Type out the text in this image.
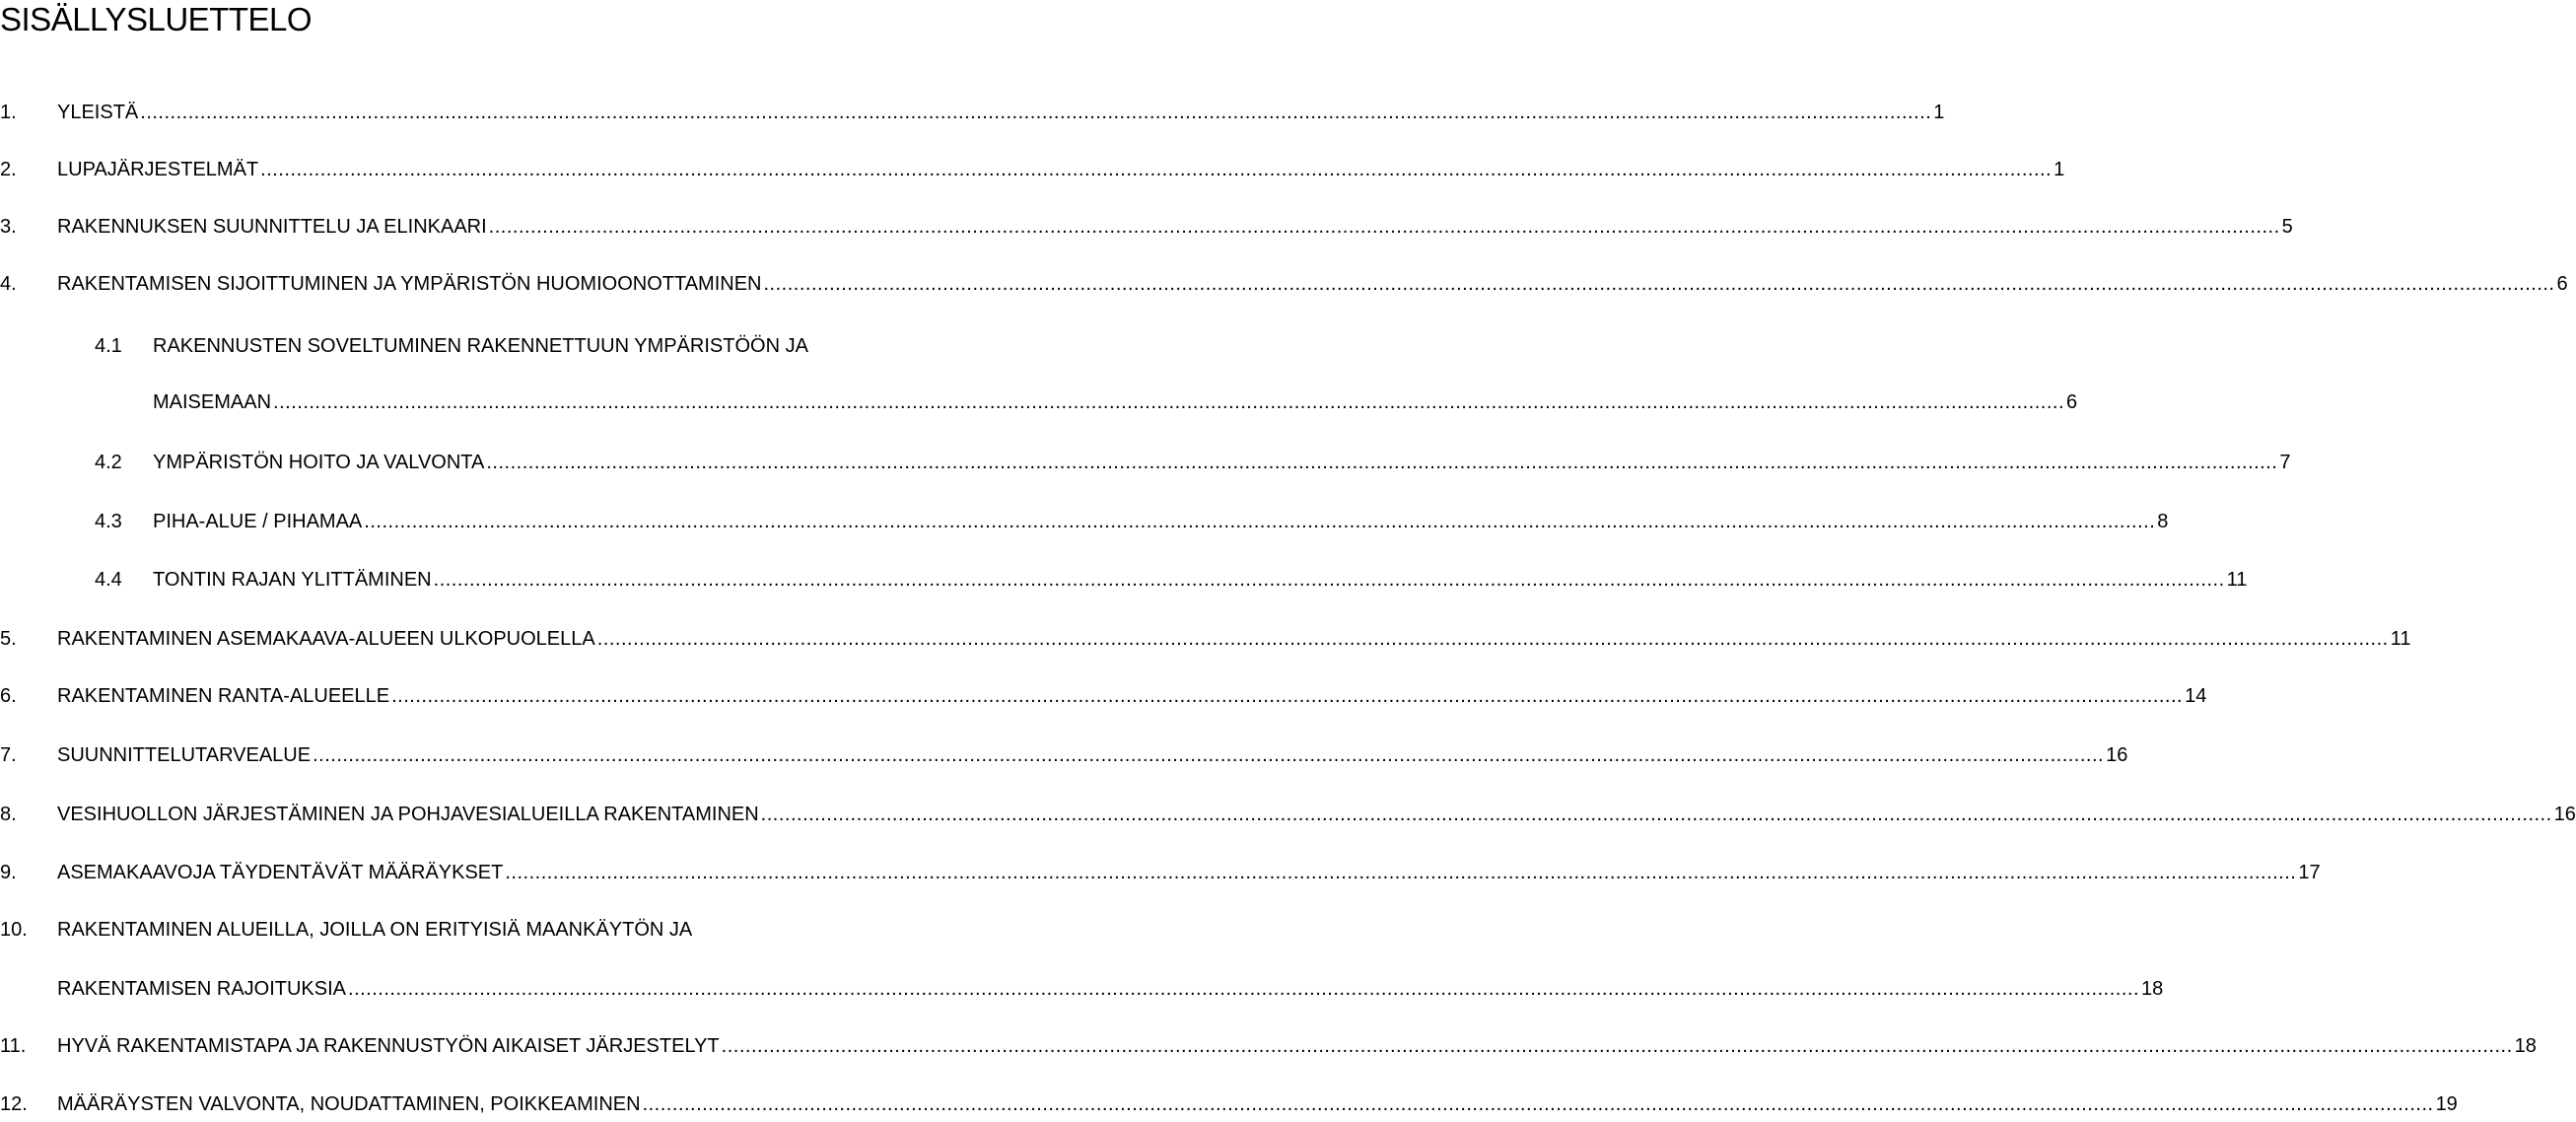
SISÄLLYSLUETTELO
1. YLEISTÄ ............................................................................................................................................................................................................................................................................................................ 1
2. LUPAJÄRJESTELMÄT ............................................................................................................................................................................................................................................................................................................ 1
3. RAKENNUKSEN SUUNNITTELU JA ELINKAARI ............................................................................................................................................................................................................................................................................................................ 5
4. RAKENTAMISEN SIJOITTUMINEN JA YMPÄRISTÖN HUOMIOONOTTAMINEN ............................................................................................................................................................................................................................................................................................................ 6
RAKENNUSTEN SOVELTUMINEN RAKENNETTUUN YMPÄRISTÖÖN JA
4.1
MAISEMAAN ............................................................................................................................................................................................................................................................................................................ 6
4.2 YMPÄRISTÖN HOITO JA VALVONTA ............................................................................................................................................................................................................................................................................................................ 7
4.3 PIHA-ALUE / PIHAMAA ............................................................................................................................................................................................................................................................................................................ 8
4.4 TONTIN RAJAN YLITTÄMINEN ............................................................................................................................................................................................................................................................................................................ 11
5. RAKENTAMINEN ASEMAKAAVA-ALUEEN ULKOPUOLELLA ............................................................................................................................................................................................................................................................................................................ 11
6. RAKENTAMINEN RANTA-ALUEELLE ............................................................................................................................................................................................................................................................................................................ 14
7. SUUNNITTELUTARVEALUE ............................................................................................................................................................................................................................................................................................................ 16
8. VESIHUOLLON JÄRJESTÄMINEN JA POHJAVESIALUEILLA RAKENTAMINEN ............................................................................................................................................................................................................................................................................................................ 16
9. ASEMAKAAVOJA TÄYDENTÄVÄT MÄÄRÄYKSET ............................................................................................................................................................................................................................................................................................................ 17
RAKENTAMINEN ALUEILLA, JOILLA ON ERITYISIÄ MAANKÄYTÖN JA
10.
RAKENTAMISEN RAJOITUKSIA ............................................................................................................................................................................................................................................................................................................ 18
11. HYVÄ RAKENTAMISTAPA JA RAKENNUSTYÖN AIKAISET JÄRJESTELYT ............................................................................................................................................................................................................................................................................................................ 18
12. MÄÄRÄYSTEN VALVONTA, NOUDATTAMINEN, POIKKEAMINEN ............................................................................................................................................................................................................................................................................................................ 19
